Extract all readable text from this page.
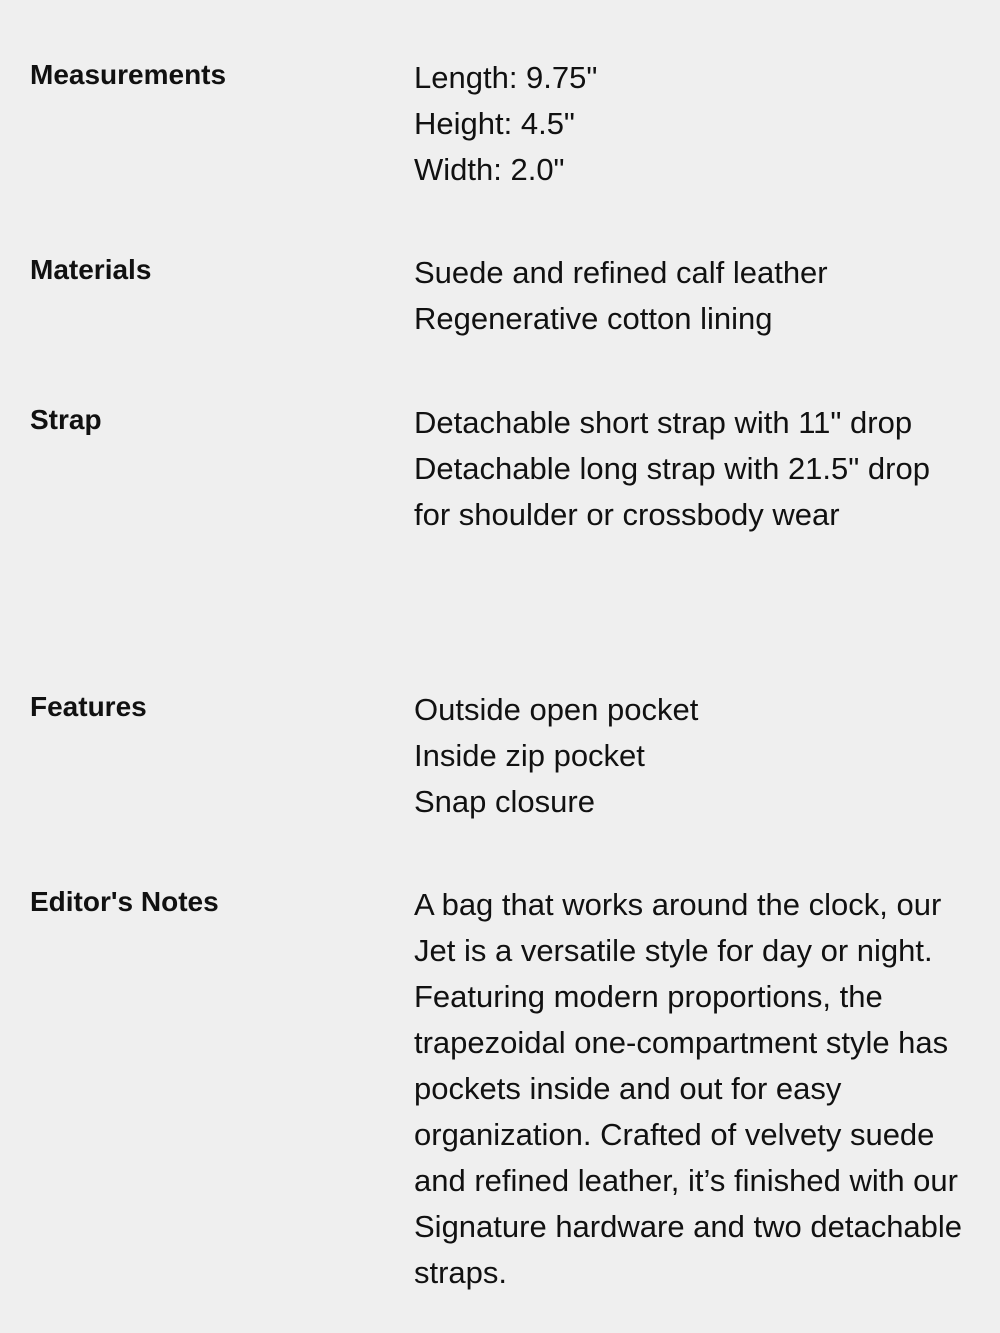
Measurements	Length: 9.75"
Height: 4.5"
Width: 2.0"
Materials	Suede and refined calf leather
Regenerative cotton lining
Strap	Detachable short strap with 11" drop
Detachable long strap with 21.5" drop for shoulder or crossbody wear
Features	Outside open pocket
Inside zip pocket
Snap closure
Editor's Notes	A bag that works around the clock, our Jet is a versatile style for day or night. Featuring modern proportions, the trapezoidal one-compartment style has pockets inside and out for easy organization. Crafted of velvety suede and refined leather, it’s finished with our Signature hardware and two detachable straps.
